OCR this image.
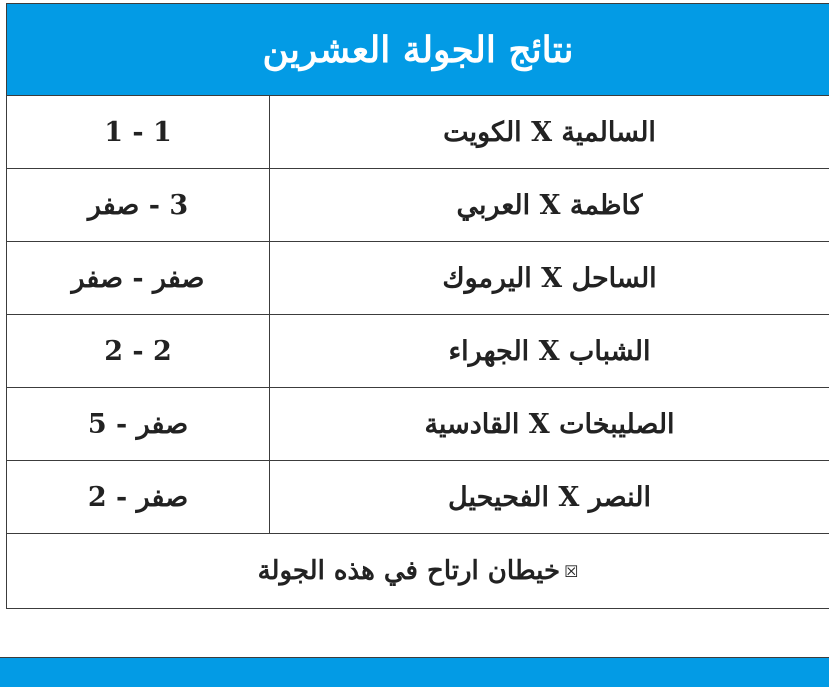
نتائج الجولة العشرين
1 - 1	السالمية X الكويت
3 - صفر	كاظمة X العربي
صفر - صفر	الساحل X اليرموك
2 - 2	الشباب X الجهراء
صفر - 5	الصليبخات X القادسية
صفر - 2	النصر X الفحيحيل
☒
خيطان ارتاح في هذه الجولة
